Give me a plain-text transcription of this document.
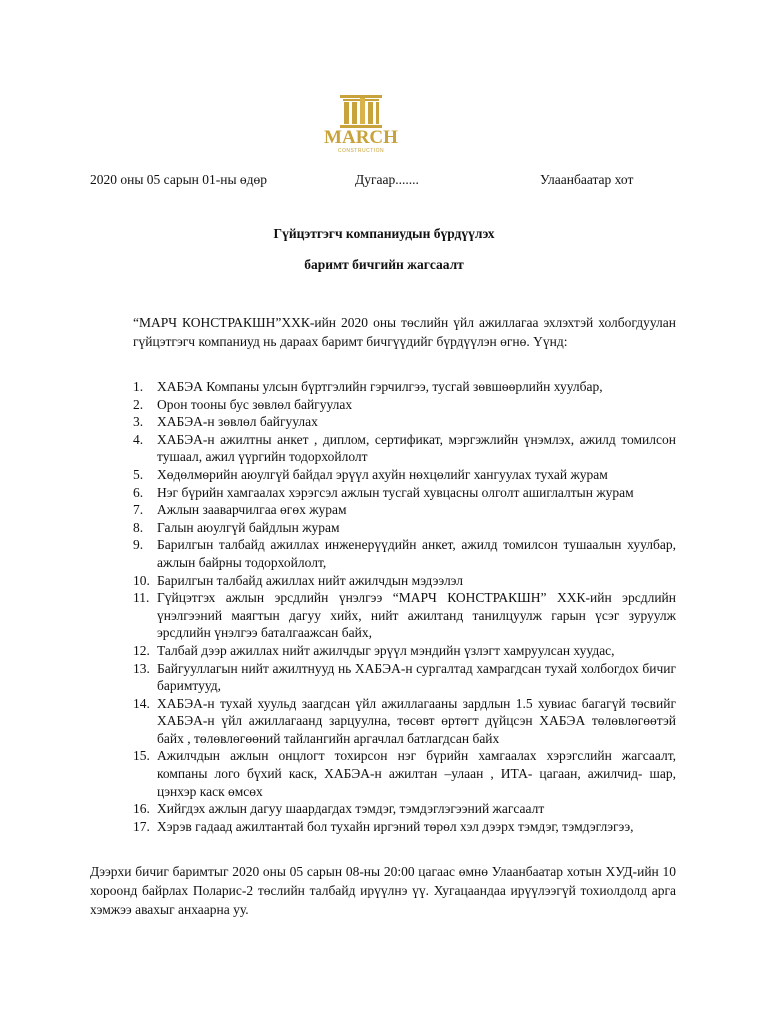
MARCH
CONSTRUCTION
2020 оны 05 сарын 01-ны өдөр	Дугаар.......	Улаанбаатар хот
Гүйцэтгэгч компаниудын бүрдүүлэх
баримт бичгийн жагсаалт
“МАРЧ КОНСТРАКШН”ХХК-ийн 2020 оны төслийн үйл ажиллагаа эхлэхтэй холбогдуулан гүйцэтгэгч компаниуд нь дараах баримт бичгүүдийг бүрдүүлэн өгнө. Үүнд:
1.	ХАБЭА Компаны улсын бүртгэлийн гэрчилгээ, тусгай зөвшөөрлийн хуулбар,
2.	Орон тооны бус зөвлөл байгуулах
3.	ХАБЭА-н зөвлөл байгуулах
4.	ХАБЭА-н ажилтны анкет , диплом, сертификат, мэргэжлийн үнэмлэх, ажилд томилсон тушаал, ажил үүргийн тодорхойлолт
5.	Хөдөлмөрийн аюулгүй байдал эрүүл ахуйн нөхцөлийг хангуулах тухай журам
6.	Нэг бүрийн хамгаалах хэрэгсэл ажлын тусгай хувцасны олголт ашиглалтын журам
7.	Ажлын зааварчилгаа өгөх журам
8.	Галын аюулгүй байдлын журам
9.	Барилгын талбайд ажиллах инженерүүдийн анкет, ажилд томилсон тушаалын хуулбар, ажлын байрны тодорхойлолт,
10. Барилгын талбайд ажиллах нийт ажилчдын мэдээлэл
11. Гүйцэтгэх ажлын эрсдлийн үнэлгээ “МАРЧ КОНСТРАКШН” ХХК-ийн эрсдлийн үнэлгээний маягтын дагуу хийх, нийт ажилтанд танилцуулж гарын үсэг зуруулж эрсдлийн үнэлгээ баталгаажсан байх,
12. Талбай дээр ажиллах нийт ажилчдыг эрүүл мэндийн үзлэгт хамруулсан хуудас,
13. Байгууллагын нийт ажилтнууд нь ХАБЭА-н сургалтад хамрагдсан тухай холбогдох бичиг баримтууд,
14. ХАБЭА-н тухай хуульд заагдсан үйл ажиллагааны зардлын 1.5 хувиас багагүй төсвийг ХАБЭА-н үйл ажиллагаанд зарцуулна, төсөвт өртөгт дүйцсэн ХАБЭА төлөвлөгөөтэй байх , төлөвлөгөөний тайлангийн аргачлал батлагдсан байх
15. Ажилчдын ажлын онцлогт тохирсон нэг бүрийн хамгаалах хэрэгслийн жагсаалт, компаны лого бүхий каск, ХАБЭА-н ажилтан –улаан , ИТА- цагаан, ажилчид- шар, цэнхэр каск өмсөх
16. Хийгдэх ажлын дагуу шаардагдах тэмдэг, тэмдэглэгээний жагсаалт
17. Хэрэв гадаад ажилтантай бол тухайн иргэний төрөл хэл дээрх тэмдэг, тэмдэглэгээ,
Дээрхи бичиг баримтыг 2020 оны 05 сарын 08-ны 20:00 цагаас өмнө Улаанбаатар хотын ХУД-ийн 10 хороонд байрлах Поларис-2 төслийн талбайд ирүүлнэ үү. Хугацаандаа ирүүлээгүй тохиолдолд арга хэмжээ авахыг анхаарна уу.
